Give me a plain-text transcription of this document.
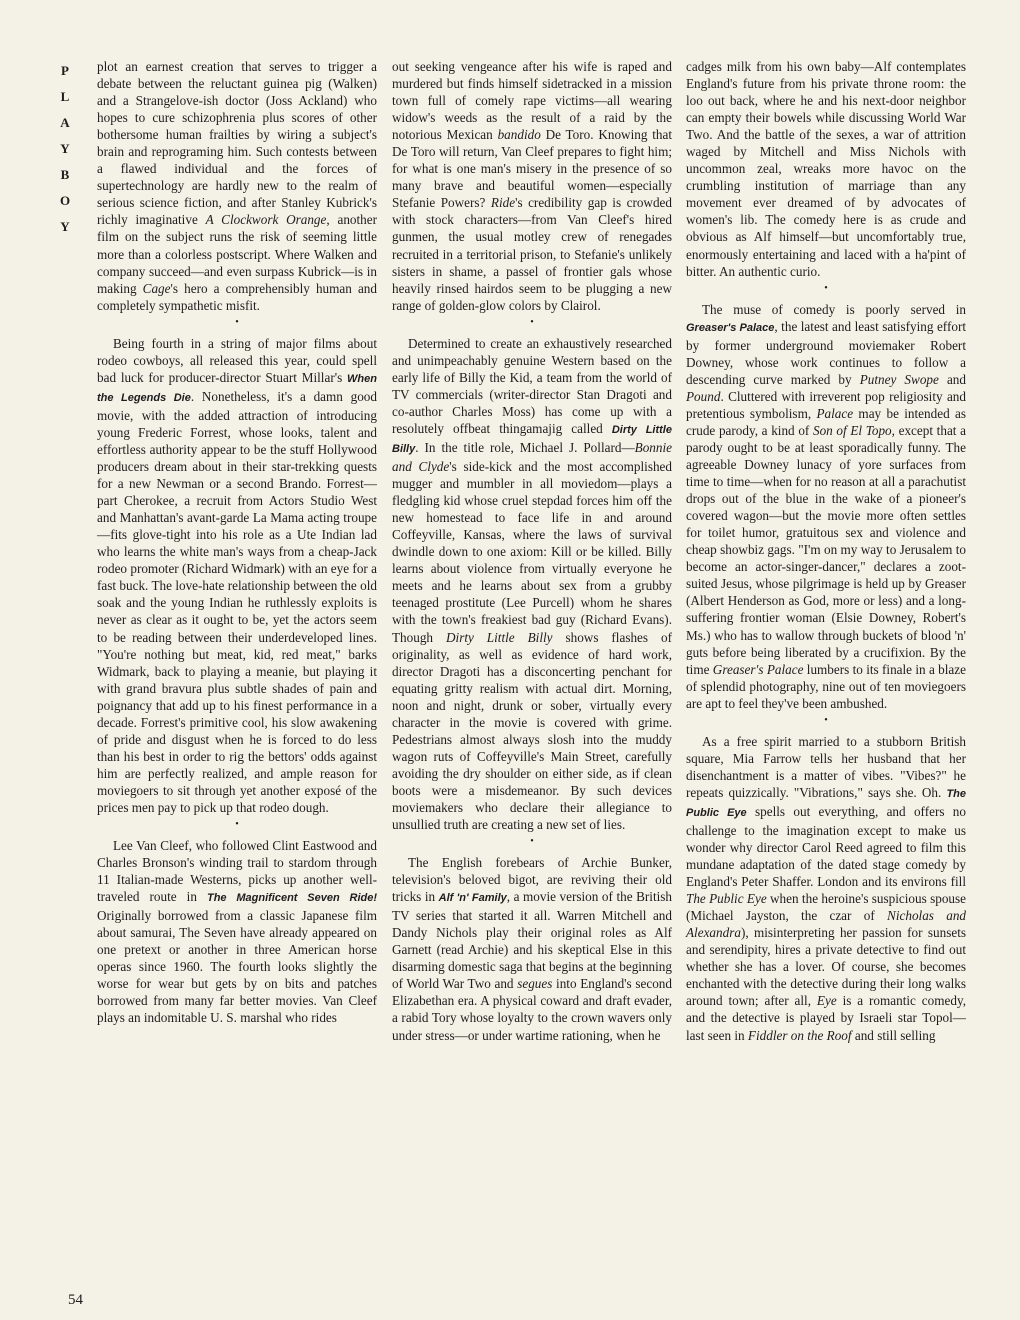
P
L
A
Y
B
O
Y
54

plot an earnest creation that serves to trigger a debate between the reluctant guinea pig (Walken) and a Strangelove-ish doctor (Joss Ackland) who hopes to cure schizophrenia plus scores of other bothersome human frailties by wiring a subject's brain and reprograming him. Such contests between a flawed individual and the forces of supertechnology are hardly new to the realm of serious science fiction, and after Stanley Kubrick's richly imaginative A Clockwork Orange, another film on the subject runs the risk of seeming little more than a colorless postscript. Where Walken and company succeed—and even surpass Kubrick—is in making Cage's hero a comprehensibly human and completely sympathetic misfit.

•

Being fourth in a string of major films about rodeo cowboys, all released this year, could spell bad luck for producer-director Stuart Millar's When the Legends Die. Nonetheless, it's a damn good movie, with the added attraction of introducing young Frederic Forrest, whose looks, talent and effortless authority appear to be the stuff Hollywood producers dream about in their star-trekking quests for a new Newman or a second Brando. Forrest—part Cherokee, a recruit from Actors Studio West and Manhattan's avant-garde La Mama acting troupe—fits glove-tight into his role as a Ute Indian lad who learns the white man's ways from a cheap-Jack rodeo promoter (Richard Widmark) with an eye for a fast buck. The love-hate relationship between the old soak and the young Indian he ruthlessly exploits is never as clear as it ought to be, yet the actors seem to be reading between their underdeveloped lines. "You're nothing but meat, kid, red meat," barks Widmark, back to playing a meanie, but playing it with grand bravura plus subtle shades of pain and poignancy that add up to his finest performance in a decade. Forrest's primitive cool, his slow awakening of pride and disgust when he is forced to do less than his best in order to rig the bettors' odds against him are perfectly realized, and ample reason for moviegoers to sit through yet another exposé of the prices men pay to pick up that rodeo dough.

•

Lee Van Cleef, who followed Clint Eastwood and Charles Bronson's winding trail to stardom through 11 Italian-made Westerns, picks up another well-traveled route in The Magnificent Seven Ride! Originally borrowed from a classic Japanese film about samurai, The Seven have already appeared on one pretext or another in three American horse operas since 1960. The fourth looks slightly the worse for wear but gets by on bits and patches borrowed from many far better movies. Van Cleef plays an indomitable U. S. marshal who rides

out seeking vengeance after his wife is raped and murdered but finds himself sidetracked in a mission town full of comely rape victims—all wearing widow's weeds as the result of a raid by the notorious Mexican bandido De Toro. Knowing that De Toro will return, Van Cleef prepares to fight him; for what is one man's misery in the presence of so many brave and beautiful women—especially Stefanie Powers? Ride's credibility gap is crowded with stock characters—from Van Cleef's hired gunmen, the usual motley crew of renegades recruited in a territorial prison, to Stefanie's unlikely sisters in shame, a passel of frontier gals whose heavily rinsed hairdos seem to be plugging a new range of golden-glow colors by Clairol.

•

Determined to create an exhaustively researched and unimpeachably genuine Western based on the early life of Billy the Kid, a team from the world of TV commercials (writer-director Stan Dragoti and co-author Charles Moss) has come up with a resolutely offbeat thingamajig called Dirty Little Billy. In the title role, Michael J. Pollard—Bonnie and Clyde's side-kick and the most accomplished mugger and mumbler in all moviedom—plays a fledgling kid whose cruel stepdad forces him off the new homestead to face life in and around Coffeyville, Kansas, where the laws of survival dwindle down to one axiom: Kill or be killed. Billy learns about violence from virtually everyone he meets and he learns about sex from a grubby teenaged prostitute (Lee Purcell) whom he shares with the town's freakiest bad guy (Richard Evans). Though Dirty Little Billy shows flashes of originality, as well as evidence of hard work, director Dragoti has a disconcerting penchant for equating gritty realism with actual dirt. Morning, noon and night, drunk or sober, virtually every character in the movie is covered with grime. Pedestrians almost always slosh into the muddy wagon ruts of Coffeyville's Main Street, carefully avoiding the dry shoulder on either side, as if clean boots were a misdemeanor. By such devices moviemakers who declare their allegiance to unsullied truth are creating a new set of lies.

•

The English forebears of Archie Bunker, television's beloved bigot, are reviving their old tricks in Alf 'n' Family, a movie version of the British TV series that started it all. Warren Mitchell and Dandy Nichols play their original roles as Alf Garnett (read Archie) and his skeptical Else in this disarming domestic saga that begins at the beginning of World War Two and segues into England's second Elizabethan era. A physical coward and draft evader, a rabid Tory whose loyalty to the crown wavers only under stress—or under wartime rationing, when he

cadges milk from his own baby—Alf contemplates England's future from his private throne room: the loo out back, where he and his next-door neighbor can empty their bowels while discussing World War Two. And the battle of the sexes, a war of attrition waged by Mitchell and Miss Nichols with uncommon zeal, wreaks more havoc on the crumbling institution of marriage than any movement ever dreamed of by advocates of women's lib. The comedy here is as crude and obvious as Alf himself—but uncomfortably true, enormously entertaining and laced with a ha'pint of bitter. An authentic curio.

•

The muse of comedy is poorly served in Greaser's Palace, the latest and least satisfying effort by former underground moviemaker Robert Downey, whose work continues to follow a descending curve marked by Putney Swope and Pound. Cluttered with irreverent pop religiosity and pretentious symbolism, Palace may be intended as crude parody, a kind of Son of El Topo, except that a parody ought to be at least sporadically funny. The agreeable Downey lunacy of yore surfaces from time to time—when for no reason at all a parachutist drops out of the blue in the wake of a pioneer's covered wagon—but the movie more often settles for toilet humor, gratuitous sex and violence and cheap showbiz gags. "I'm on my way to Jerusalem to become an actor-singer-dancer," declares a zoot-suited Jesus, whose pilgrimage is held up by Greaser (Albert Henderson as God, more or less) and a long-suffering frontier woman (Elsie Downey, Robert's Ms.) who has to wallow through buckets of blood 'n' guts before being liberated by a crucifixion. By the time Greaser's Palace lumbers to its finale in a blaze of splendid photography, nine out of ten moviegoers are apt to feel they've been ambushed.

•

As a free spirit married to a stubborn British square, Mia Farrow tells her husband that her disenchantment is a matter of vibes. "Vibes?" he repeats quizzically. "Vibrations," says she. Oh. The Public Eye spells out everything, and offers no challenge to the imagination except to make us wonder why director Carol Reed agreed to film this mundane adaptation of the dated stage comedy by England's Peter Shaffer. London and its environs fill The Public Eye when the heroine's suspicious spouse (Michael Jayston, the czar of Nicholas and Alexandra), misinterpreting her passion for sunsets and serendipity, hires a private detective to find out whether she has a lover. Of course, she becomes enchanted with the detective during their long walks around town; after all, Eye is a romantic comedy, and the detective is played by Israeli star Topol—last seen in Fiddler on the Roof and still selling
